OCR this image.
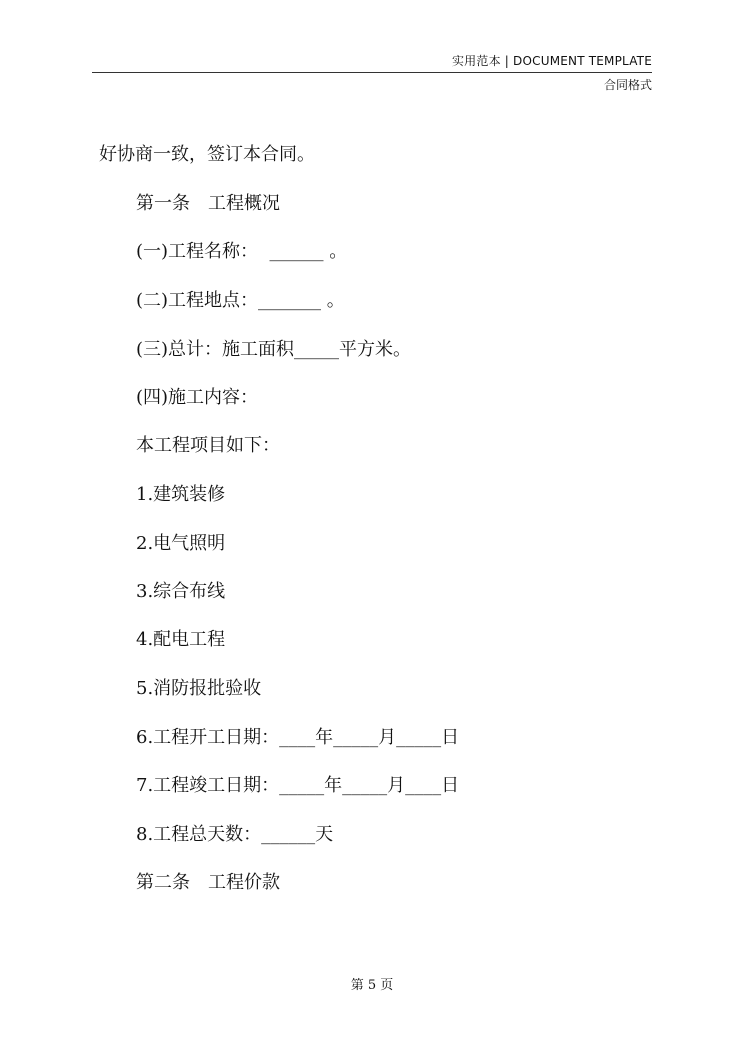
实用范本 | DOCUMENT TEMPLATE
合同格式
好协商一致，签订本合同。
第一条　工程概况
(一)工程名称：  ______ 。
(二)工程地点：_______ 。
(三)总计：施工面积_____平方米。
(四)施工内容：
本工程项目如下：
1.建筑装修
2.电气照明
3.综合布线
4.配电工程
5.消防报批验收
6.工程开工日期：____年_____月_____日
7.工程竣工日期：_____年_____月____日
8.工程总天数：______天
第二条　工程价款
第 5 页
